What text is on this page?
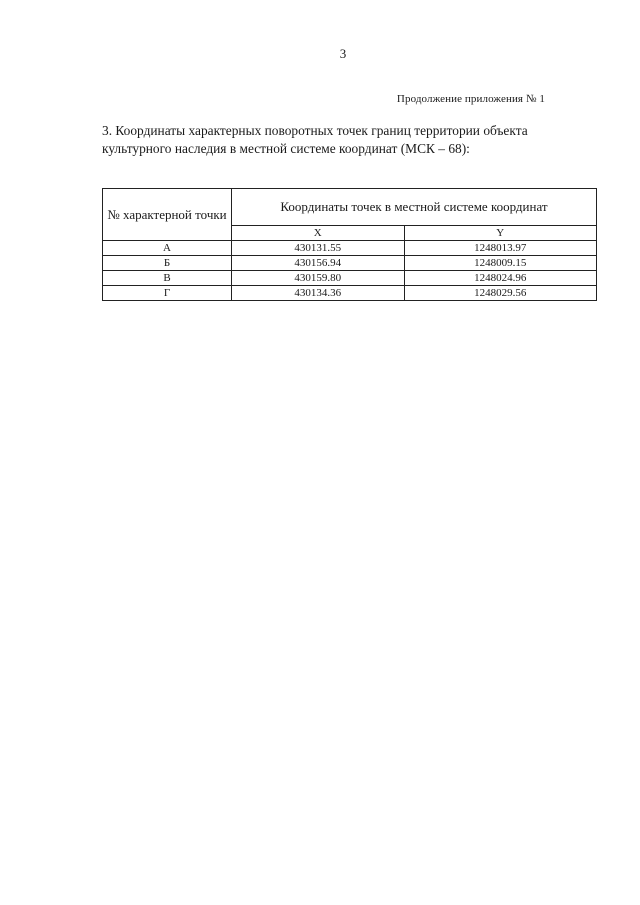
3
Продолжение приложения № 1

3. Координаты характерных поворотных точек границ территории объекта культурного наследия в местной системе координат (МСК – 68):

№ характерной точки	Координаты точек в местной системе координат	
	X	Y
А	430131.55	1248013.97
Б	430156.94	1248009.15
В	430159.80	1248024.96
Г	430134.36	1248029.56
